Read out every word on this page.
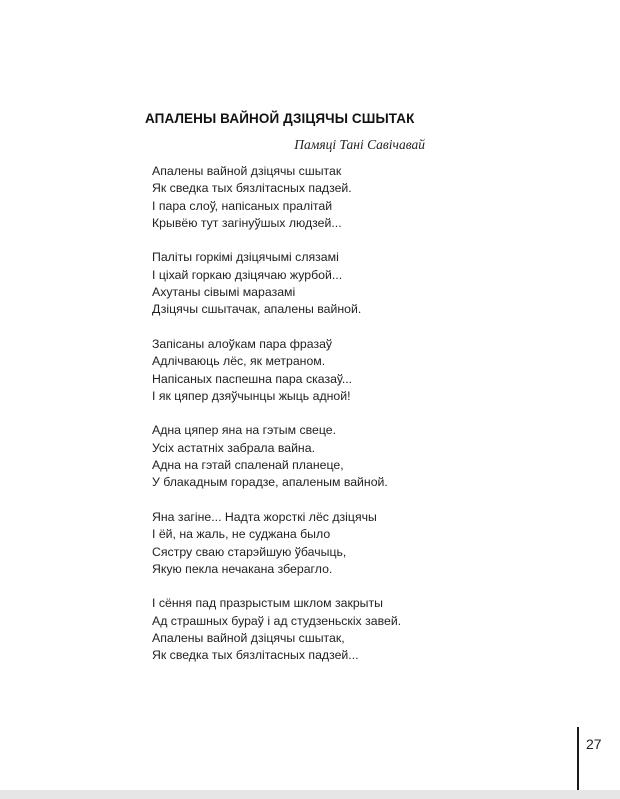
АПАЛЕНЫ ВАЙНОЙ ДЗІЦЯЧЫ СШЫТАК

Памяці Тані Савічавай

Апалены вайной дзіцячы сшытак
Як сведка тых бязлітасных падзей.
І пара слоў, напісаных пралітай
Крывёю тут загінуўшых людзей...
Паліты горкімі дзіцячымі слязамі
І ціхай горкаю дзіцячаю журбой...
Ахутаны сівымі маразамі
Дзіцячы сшытачак, апалены вайной.
Запісаны алоўкам пара фразаў
Адлічваюць лёс, як метраном.
Напісаных паспешна пара сказаў...
І як цяпер дзяўчынцы жыць адной!
Адна цяпер яна на гэтым свеце.
Усіх астатніх забрала вайна.
Адна на гэтай спаленай планеце,
У блакадным горадзе, апаленым вайной.
Яна загіне... Надта жорсткі лёс дзіцячы
І ёй, на жаль, не суджана было
Сястру сваю старэйшую ўбачыць,
Якую пекла нечакана зберагло.
І сёння пад празрыстым шклом закрыты
Ад страшных бураў і ад студзеньскіх завей.
Апалены вайной дзіцячы сшытак,
Як сведка тых бязлітасных падзей...
27
